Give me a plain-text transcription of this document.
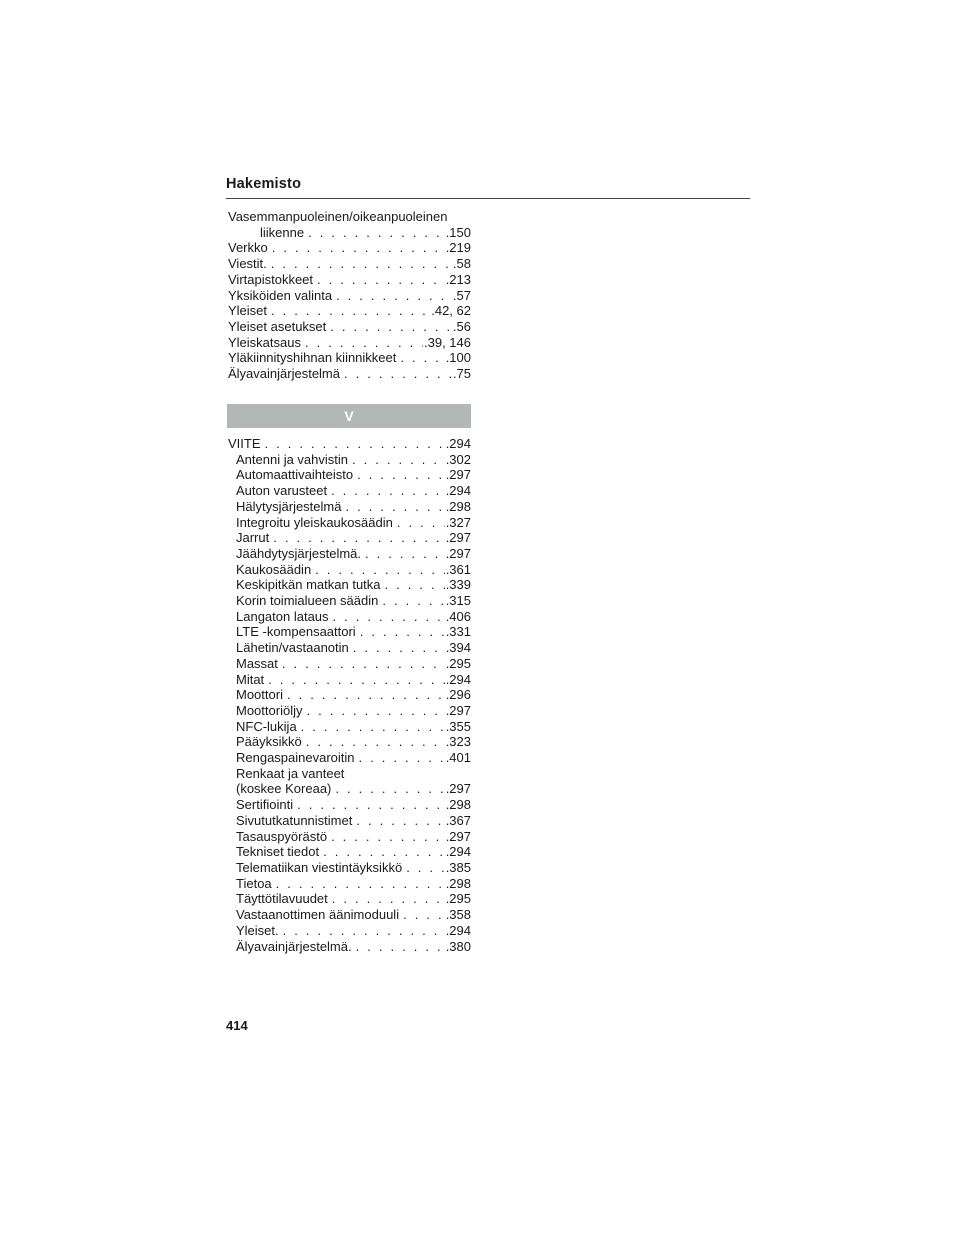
Hakemisto
Vasemmanpuoleinen/oikeanpuoleinen
liikenne . . .	.150
Verkko . . .	.219
Viestit. . . .	.58
Virtapistokkeet . . .	.213
Yksiköiden valinta . . .	.57
Yleiset . . .	.42, 62
Yleiset asetukset . . .	.56
Yleiskatsaus . . .	.39, 146
Yläkiinnityshihnan kiinnikkeet . . .	.100
Älyavainjärjestelmä . . .	.75
V
VIITE . . .	.294
Antenni ja vahvistin . . .	.302
Automaattivaihteisto . . .	.297
Auton varusteet . . .	.294
Hälytysjärjestelmä . . .	.298
Integroitu yleiskaukosäädin . . .	.327
Jarrut . . .	.297
Jäähdytysjärjestelmä. . . .	.297
Kaukosäädin . . .	.361
Keskipitkän matkan tutka . . .	.339
Korin toimialueen säädin . . .	.315
Langaton lataus . . .	.406
LTE -kompensaattori . . .	.331
Lähetin/vastaanotin . . .	.394
Massat . . .	.295
Mitat . . .	.294
Moottori . . .	.296
Moottoriöljy . . .	.297
NFC-lukija . . .	.355
Pääyksikkö . . .	.323
Rengaspainevaroitin . . .	.401
Renkaat ja vanteet
(koskee Koreaa) . . .	.297
Sertifiointi . . .	.298
Sivututkatunnistimet . . .	.367
Tasauspyörästö . . .	.297
Tekniset tiedot . . .	.294
Telematiikan viestintäyksikkö . . .	.385
Tietoa . . .	.298
Täyttötilavuudet . . .	.295
Vastaanottimen äänimoduuli . . .	.358
Yleiset. . . .	.294
Älyavainjärjestelmä. . . .	.380
414
